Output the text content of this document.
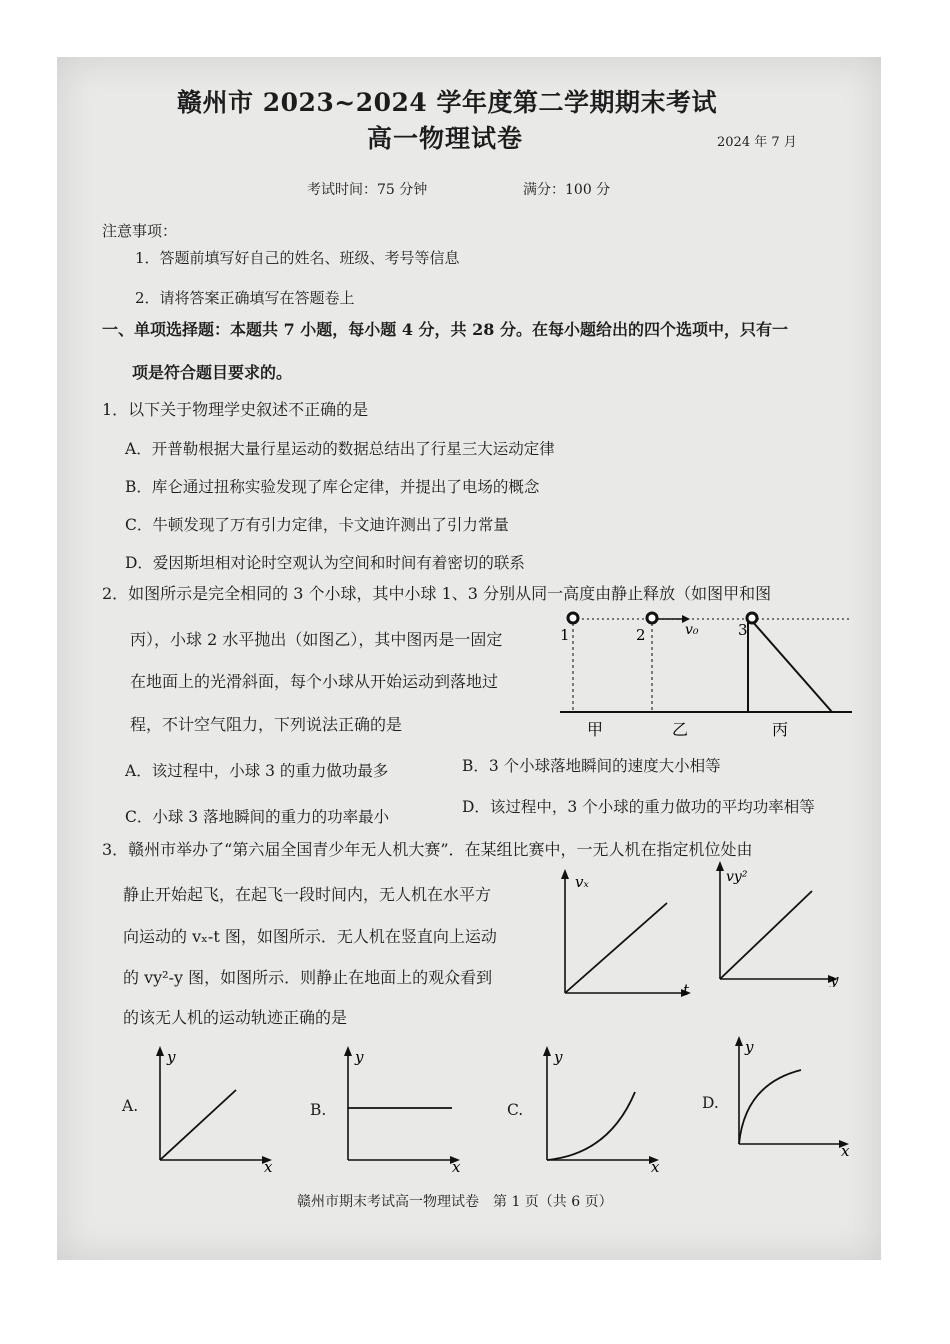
赣州市 2023~2024 学年度第二学期期末考试
高一物理试卷	2024 年 7 月
考试时间：75 分钟	满分：100 分
注意事项：
1．答题前填写好自己的姓名、班级、考号等信息
2．请将答案正确填写在答题卷上
一、单项选择题：本题共 7 小题，每小题 4 分，共 28 分。在每小题给出的四个选项中，只有一
项是符合题目要求的。
1．以下关于物理学史叙述不正确的是
A．开普勒根据大量行星运动的数据总结出了行星三大运动定律
B．库仑通过扭称实验发现了库仑定律，并提出了电场的概念
C．牛顿发现了万有引力定律，卡文迪许测出了引力常量
D．爱因斯坦相对论时空观认为空间和时间有着密切的联系
2．如图所示是完全相同的 3 个小球，其中小球 1、3 分别从同一高度由静止释放（如图甲和图
丙），小球 2 水平抛出（如图乙），其中图丙是一固定
在地面上的光滑斜面，每个小球从开始运动到落地过
程，不计空气阻力，下列说法正确的是
1	2	3
v₀
甲	乙	丙
A．该过程中，小球 3 的重力做功最多	B．3 个小球落地瞬间的速度大小相等
C．小球 3 落地瞬间的重力的功率最小
D．该过程中，3 个小球的重力做功的平均功率相等
3．赣州市举办了“第六届全国青少年无人机大赛”．在某组比赛中，一无人机在指定机位处由
静止开始起飞，在起飞一段时间内，无人机在水平方
向运动的 vₓ-t 图，如图所示．无人机在竖直向上运动
的 vy²-y 图，如图所示．则静止在地面上的观众看到
的该无人机的运动轨迹正确的是
vₓ
t
vy²
y
A.
y
x
B.
y
x
C.
y
x
D.
y
x
赣州市期末考试高一物理试卷　第 1 页（共 6 页）
